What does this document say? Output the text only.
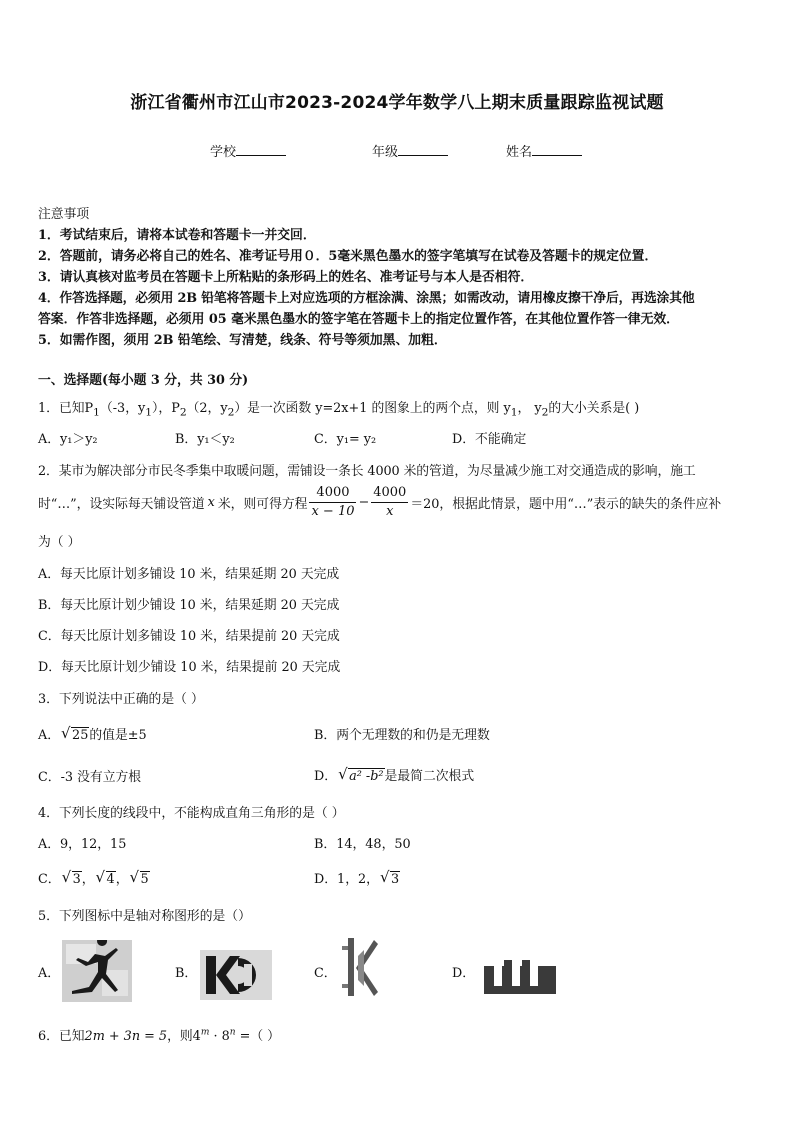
浙江省衢州市江山市2023-2024学年数学八上期末质量跟踪监视试题
学校	年级	姓名
注意事项
1．考试结束后，请将本试卷和答题卡一并交回．
2．答题前，请务必将自己的姓名、准考证号用０．5毫米黑色墨水的签字笔填写在试卷及答题卡的规定位置．
3．请认真核对监考员在答题卡上所粘贴的条形码上的姓名、准考证号与本人是否相符．
4．作答选择题，必须用 2B 铅笔将答题卡上对应选项的方框涂满、涂黑；如需改动，请用橡皮擦干净后，再选涂其他
答案．作答非选择题，必须用 05 毫米黑色墨水的签字笔在答题卡上的指定位置作答，在其他位置作答一律无效．
5．如需作图，须用 2B 铅笔绘、写清楚，线条、符号等须加黑、加粗．
一、选择题(每小题 3 分，共 30 分)
1．已知$P_1(-3$，$y_1$），$P_2(2$，$y_2$）是一次函数 y=2x+1 的图象上的两个点，则 $y_1$， $y_2$的大小关系是( )
A．y₁＞y₂	B．y₁＜y₂	C．y₁= y₂	D．不能确定
2．某市为解决部分市民冬季集中取暖问题，需铺设一条长 4000 米的管道，为尽量减少施工对交通造成的影响，施工
时“…”，设实际每天铺设管道 x 米，则可得方程 $\frac{4000}{x - 10} - \frac{4000}{x} =20$，根据此情景，题中用“…”表示的缺失的条件应补
为（ ）
A．每天比原计划多铺设 10 米，结果延期 20 天完成
B．每天比原计划少铺设 10 米，结果延期 20 天完成
C．每天比原计划多铺设 10 米，结果提前 20 天完成
D．每天比原计划少铺设 10 米，结果提前 20 天完成
3．下列说法中正确的是（ ）
A． √ 25的值是±5	B．两个无理数的和仍是无理数
C．-3 没有立方根	D． √ a² -b²是最简二次根式
4．下列长度的线段中，不能构成直角三角形的是（ ）
A．9，12，15	B．14，48，50
C． √ 3， √ 4， √ 5	D．1，2， √ 3
5．下列图标中是轴对称图形的是（）
A．	B．	C．	D．
6．已知2m + 3n = 5，则$4^m \cdot 8^n$ =（ ）
